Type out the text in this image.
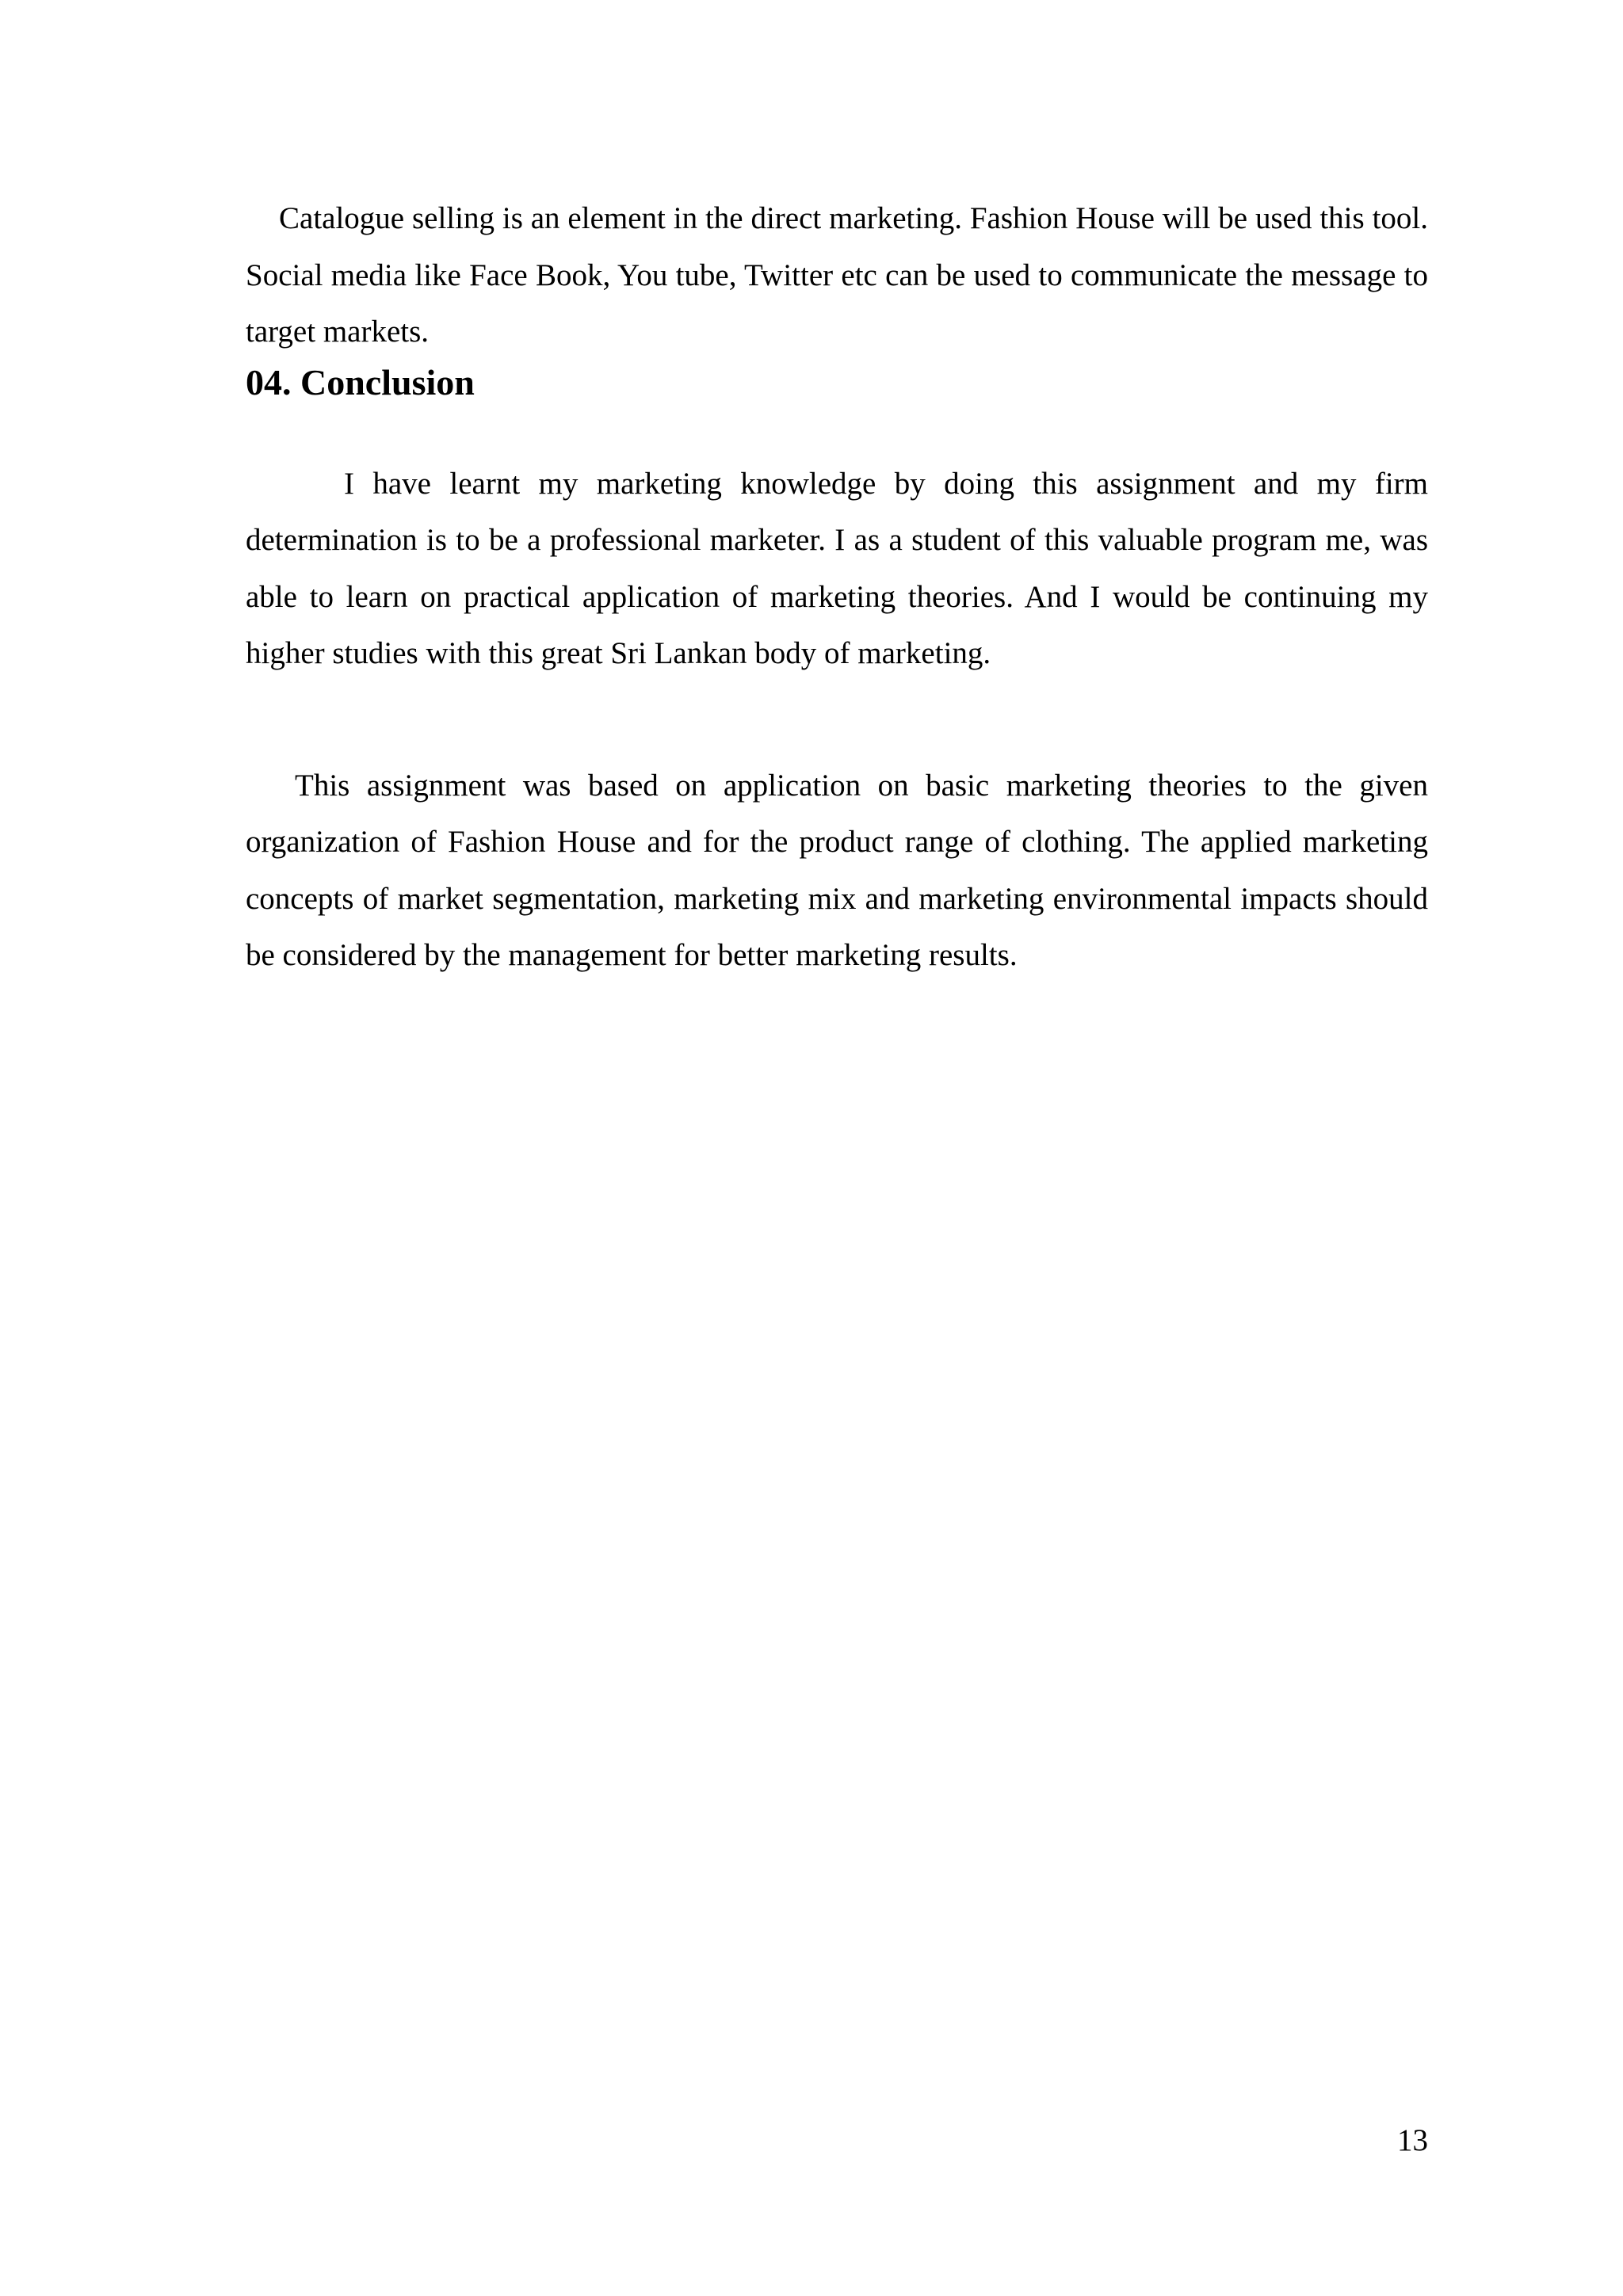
Catalogue selling is an element in the direct marketing. Fashion House will be used this tool. Social media like Face Book, You tube, Twitter etc can be used to communicate the message to target markets.

04. Conclusion

I have learnt my marketing knowledge by doing this assignment and my firm determination is to be a professional marketer. I as a student of this valuable program me, was able to learn on practical application of marketing theories. And I would be continuing my higher studies with this great Sri Lankan body of marketing.

This assignment was based on application on basic marketing theories to the given organization of Fashion House and for the product range of clothing. The applied marketing concepts of market segmentation, marketing mix and marketing environmental impacts should be considered by the management for better marketing results.

13
